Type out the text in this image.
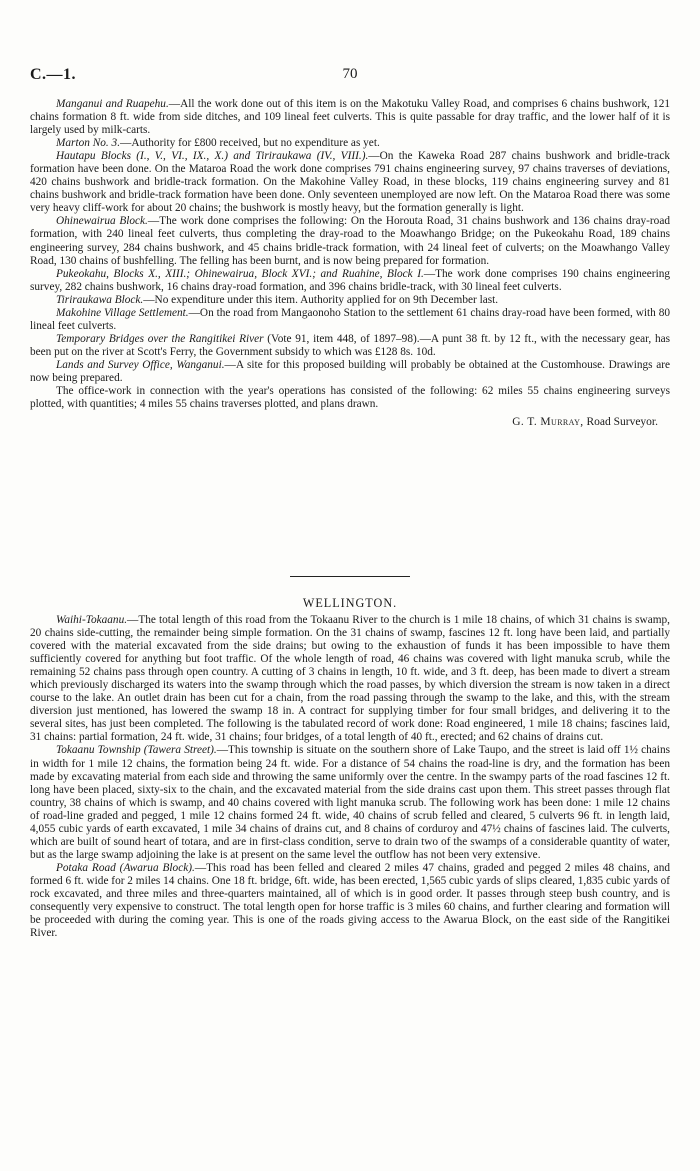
C.—1.	70

Manganui and Ruapehu.—All the work done out of this item is on the Makotuku Valley Road, and comprises 6 chains bushwork, 121 chains formation 8 ft. wide from side ditches, and 109 lineal feet culverts. This is quite passable for dray traffic, and the lower half of it is largely used by milk-carts.

Marton No. 3.—Authority for £800 received, but no expenditure as yet.

Hautapu Blocks (I., V., VI., IX., X.) and Tiriraukawa (IV., VIII.).—On the Kaweka Road 287 chains bushwork and bridle-track formation have been done. On the Mataroa Road the work done comprises 791 chains engineering survey, 97 chains traverses of deviations, 420 chains bushwork and bridle-track formation. On the Makohine Valley Road, in these blocks, 119 chains engineering survey and 81 chains bushwork and bridle-track formation have been done. Only seventeen unemployed are now left. On the Mataroa Road there was some very heavy cliff-work for about 20 chains; the bushwork is mostly heavy, but the formation generally is light.

Ohinewairua Block.—The work done comprises the following: On the Horouta Road, 31 chains bushwork and 136 chains dray-road formation, with 240 lineal feet culverts, thus completing the dray-road to the Moawhango Bridge; on the Pukeokahu Road, 189 chains engineering survey, 284 chains bushwork, and 45 chains bridle-track formation, with 24 lineal feet of culverts; on the Moawhango Valley Road, 130 chains of bushfelling. The felling has been burnt, and is now being prepared for formation.

Pukeokahu, Blocks X., XIII.; Ohinewairua, Block XVI.; and Ruahine, Block I.—The work done comprises 190 chains engineering survey, 282 chains bushwork, 16 chains dray-road formation, and 396 chains bridle-track, with 30 lineal feet culverts.

Tiriraukawa Block.—No expenditure under this item. Authority applied for on 9th December last.

Makohine Village Settlement.—On the road from Mangaonoho Station to the settlement 61 chains dray-road have been formed, with 80 lineal feet culverts.

Temporary Bridges over the Rangitikei River (Vote 91, item 448, of 1897–98).—A punt 38 ft. by 12 ft., with the necessary gear, has been put on the river at Scott's Ferry, the Government subsidy to which was £128 8s. 10d.

Lands and Survey Office, Wanganui.—A site for this proposed building will probably be obtained at the Customhouse. Drawings are now being prepared.

The office-work in connection with the year's operations has consisted of the following: 62 miles 55 chains engineering surveys plotted, with quantities; 4 miles 55 chains traverses plotted, and plans drawn.

G. T. Murray, Road Surveyor.
WELLINGTON.

Waihi-Tokaanu.—The total length of this road from the Tokaanu River to the church is 1 mile 18 chains, of which 31 chains is swamp, 20 chains side-cutting, the remainder being simple formation. On the 31 chains of swamp, fascines 12 ft. long have been laid, and partially covered with the material excavated from the side drains; but owing to the exhaustion of funds it has been impossible to have them sufficiently covered for anything but foot traffic. Of the whole length of road, 46 chains was covered with light manuka scrub, while the remaining 52 chains pass through open country. A cutting of 3 chains in length, 10 ft. wide, and 3 ft. deep, has been made to divert a stream which previously discharged its waters into the swamp through which the road passes, by which diversion the stream is now taken in a direct course to the lake. An outlet drain has been cut for a chain, from the road passing through the swamp to the lake, and this, with the stream diversion just mentioned, has lowered the swamp 18 in. A contract for supplying timber for four small bridges, and delivering it to the several sites, has just been completed. The following is the tabulated record of work done: Road engineered, 1 mile 18 chains; fascines laid, 31 chains: partial formation, 24 ft. wide, 31 chains; four bridges, of a total length of 40 ft., erected; and 62 chains of drains cut.

Tokaanu Township (Tawera Street).—This township is situate on the southern shore of Lake Taupo, and the street is laid off 1½ chains in width for 1 mile 12 chains, the formation being 24 ft. wide. For a distance of 54 chains the road-line is dry, and the formation has been made by excavating material from each side and throwing the same uniformly over the centre. In the swampy parts of the road fascines 12 ft. long have been placed, sixty-six to the chain, and the excavated material from the side drains cast upon them. This street passes through flat country, 38 chains of which is swamp, and 40 chains covered with light manuka scrub. The following work has been done: 1 mile 12 chains of road-line graded and pegged, 1 mile 12 chains formed 24 ft. wide, 40 chains of scrub felled and cleared, 5 culverts 96 ft. in length laid, 4,055 cubic yards of earth excavated, 1 mile 34 chains of drains cut, and 8 chains of corduroy and 47½ chains of fascines laid. The culverts, which are built of sound heart of totara, and are in first-class condition, serve to drain two of the swamps of a considerable quantity of water, but as the large swamp adjoining the lake is at present on the same level the outflow has not been very extensive.

Potaka Road (Awarua Block).—This road has been felled and cleared 2 miles 47 chains, graded and pegged 2 miles 48 chains, and formed 6 ft. wide for 2 miles 14 chains. One 18 ft. bridge, 6ft. wide, has been erected, 1,565 cubic yards of slips cleared, 1,835 cubic yards of rock excavated, and three miles and three-quarters maintained, all of which is in good order. It passes through steep bush country, and is consequently very expensive to construct. The total length open for horse traffic is 3 miles 60 chains, and further clearing and formation will be proceeded with during the coming year. This is one of the roads giving access to the Awarua Block, on the east side of the Rangitikei River.
